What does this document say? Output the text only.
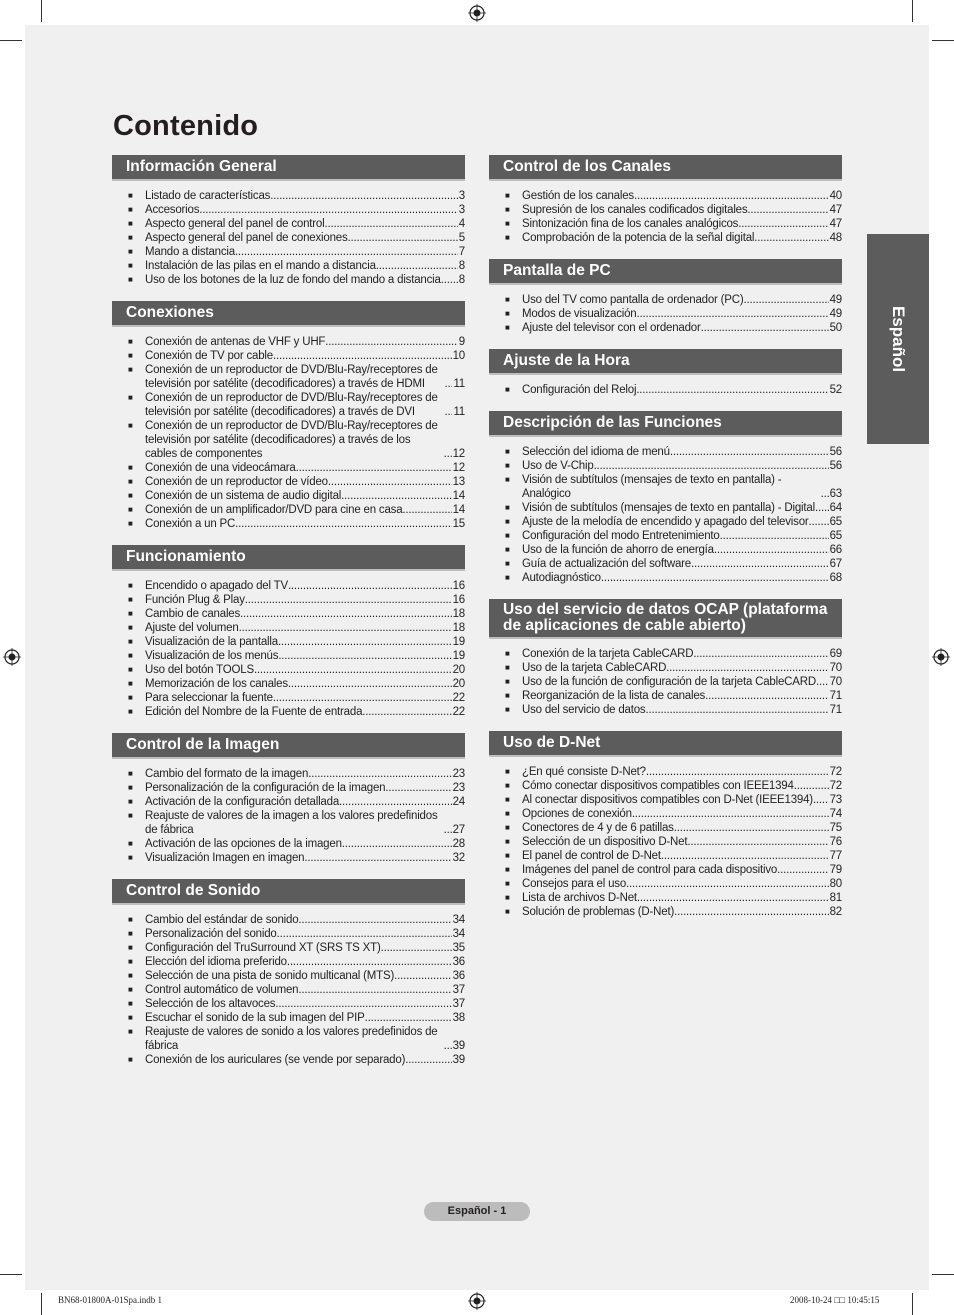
Contenido
Información General
■	Listado de características .....	3
■	Accesorios .....	3
■	Aspecto general del panel de control .....	4
■	Aspecto general del panel de conexiones .....	5
■	Mando a distancia .....	7
■	Instalación de las pilas en el mando a distancia .....	8
■	Uso de los botones de la luz de fondo del mando a distancia ..... 8
Conexiones
■	Conexión de antenas de VHF y UHF .....	9
■	Conexión de TV por cable .....	10
■	Conexión de un reproductor de DVD/Blu-Ray/receptores de televisión por satélite (decodificadores) a través de HDMI .....	11
■	Conexión de un reproductor de DVD/Blu-Ray/receptores de televisión por satélite (decodificadores) a través de DVI .....	11
■	Conexión de un reproductor de DVD/Blu-Ray/receptores de televisión por satélite (decodificadores) a través de los cables de componentes .....	12
■	Conexión de una videocámara .....	12
■	Conexión de un reproductor de vídeo .....	13
■	Conexión de un sistema de audio digital .....	14
■	Conexión de un amplificador/DVD para cine en casa .....	14
■	Conexión a un PC .....	15
Funcionamiento
■	Encendido o apagado del TV .....	16
■	Función Plug & Play .....	16
■	Cambio de canales .....	18
■	Ajuste del volumen .....	18
■	Visualización de la pantalla .....	19
■	Visualización de los menús .....	19
■	Uso del botón TOOLS .....	20
■	Memorización de los canales .....	20
■	Para seleccionar la fuente .....	22
■	Edición del Nombre de la Fuente de entrada .....	22
Control de la Imagen
■	Cambio del formato de la imagen .....	23
■	Personalización de la configuración de la imagen .....	23
■	Activación de la configuración detallada .....	24
■	Reajuste de valores de la imagen a los valores predefinidos de fábrica .....	27
■	Activación de las opciones de la imagen .....	28
■	Visualización Imagen en imagen .....	32
Control de Sonido
■	Cambio del estándar de sonido .....	34
■	Personalización del sonido .....	34
■	Configuración del TruSurround XT (SRS TS XT) .....	35
■	Elección del idioma preferido .....	36
■	Selección de una pista de sonido multicanal (MTS) .....	36
■	Control automático de volumen .....	37
■	Selección de los altavoces .....	37
■	Escuchar el sonido de la sub imagen del PIP .....	38
■	Reajuste de valores de sonido a los valores predefinidos de fábrica .....	39
■	Conexión de los auriculares (se vende por separado) .....	39
Control de los Canales
■	Gestión de los canales .....	40
■	Supresión de los canales codificados digitales .....	47
■	Sintonización fina de los canales analógicos .....	47
■	Comprobación de la potencia de la señal digital .....	48
Pantalla de PC
■	Uso del TV como pantalla de ordenador (PC) .....	49
■	Modos de visualización .....	49
■	Ajuste del televisor con el ordenador .....	50
Ajuste de la Hora
■	Configuración del Reloj .....	52
Descripción de las Funciones
■	Selección del idioma de menú .....	56
■	Uso de V-Chip .....	56
■	Visión de subtítulos (mensajes de texto en pantalla) - Analógico .....	63
■	Visión de subtítulos (mensajes de texto en pantalla) - Digital ..... 64
■	Ajuste de la melodía de encendido y apagado del televisor ..... 65
■	Configuración del modo Entretenimiento .....	65
■	Uso de la función de ahorro de energía .....	66
■	Guía de actualización del software .....	67
■	Autodiagnóstico .....	68
Uso del servicio de datos OCAP (plataforma de aplicaciones de cable abierto)
■	Conexión de la tarjeta CableCARD .....	69
■	Uso de la tarjeta CableCARD .....	70
■	Uso de la función de configuración de la tarjeta CableCARD ..... 70
■	Reorganización de la lista de canales .....	71
■	Uso del servicio de datos .....	71
Uso de D-Net
■	¿En qué consiste D-Net? .....	72
■	Cómo conectar dispositivos compatibles con IEEE1394 .....	72
■	Al conectar dispositivos compatibles con D-Net (IEEE1394) ..... 73
■	Opciones de conexión .....	74
■	Conectores de 4 y de 6 patillas .....	75
■	Selección de un dispositivo D-Net .....	76
■	El panel de control de D-Net .....	77
■	Imágenes del panel de control para cada dispositivo .....	79
■	Consejos para el uso .....	80
■	Lista de archivos D-Net .....	81
■	Solución de problemas (D-Net) .....	82
Español
Español - 1
BN68-01800A-01Spa.indb 1	2008-10-24 □□ 10:45:15
